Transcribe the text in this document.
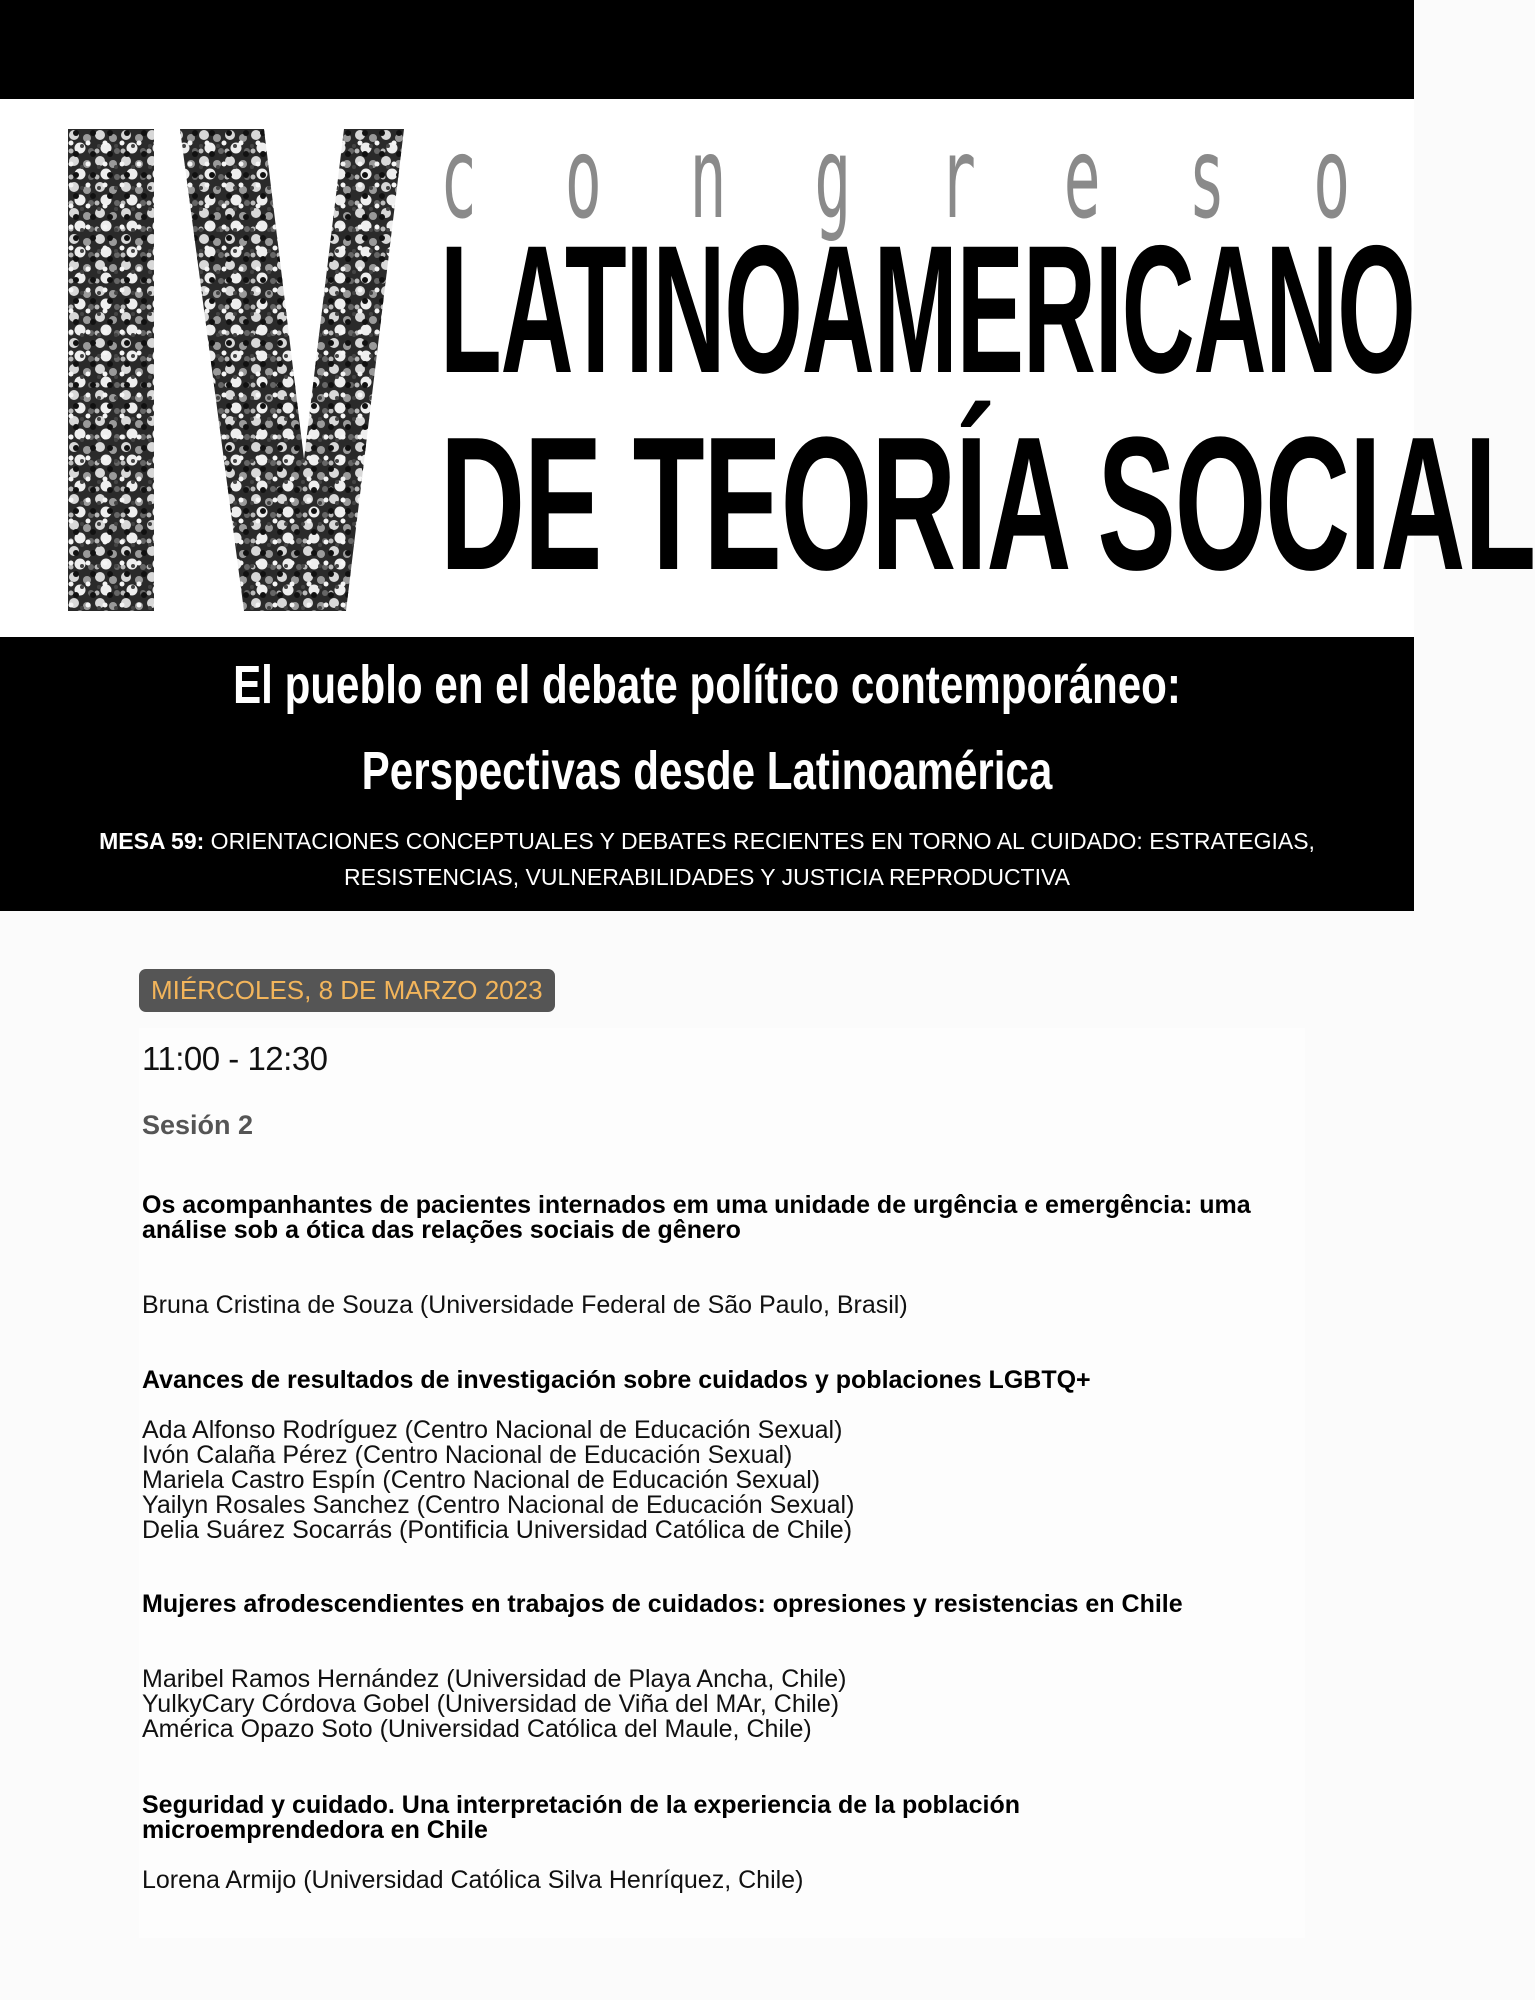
c o n g r e s o
LATINOAMERICANO
DE TEORÍA SOCIAL
El pueblo en el debate político contemporáneo:
Perspectivas desde Latinoamérica
MESA 59: ORIENTACIONES CONCEPTUALES Y DEBATES RECIENTES EN TORNO AL CUIDADO: ESTRATEGIAS, RESISTENCIAS, VULNERABILIDADES Y JUSTICIA REPRODUCTIVA
MIÉRCOLES, 8 DE MARZO 2023
11:00 - 12:30
Sesión 2
Os acompanhantes de pacientes internados em uma unidade de urgência e emergência: uma análise sob a ótica das relações sociais de gênero
Bruna Cristina de Souza (Universidade Federal de São Paulo, Brasil)
Avances de resultados de investigación sobre cuidados y poblaciones LGBTQ+
Ada Alfonso Rodríguez (Centro Nacional de Educación Sexual)
Ivón Calaña Pérez (Centro Nacional de Educación Sexual)
Mariela Castro Espín (Centro Nacional de Educación Sexual)
Yailyn Rosales Sanchez (Centro Nacional de Educación Sexual)
Delia Suárez Socarrás (Pontificia Universidad Católica de Chile)
Mujeres afrodescendientes en trabajos de cuidados: opresiones y resistencias en Chile
Maribel Ramos Hernández (Universidad de Playa Ancha, Chile)
YulkyCary Córdova Gobel (Universidad de Viña del MAr, Chile)
América Opazo Soto (Universidad Católica del Maule, Chile)
Seguridad y cuidado. Una interpretación de la experiencia de la población microemprendedora en Chile
Lorena Armijo (Universidad Católica Silva Henríquez, Chile)
